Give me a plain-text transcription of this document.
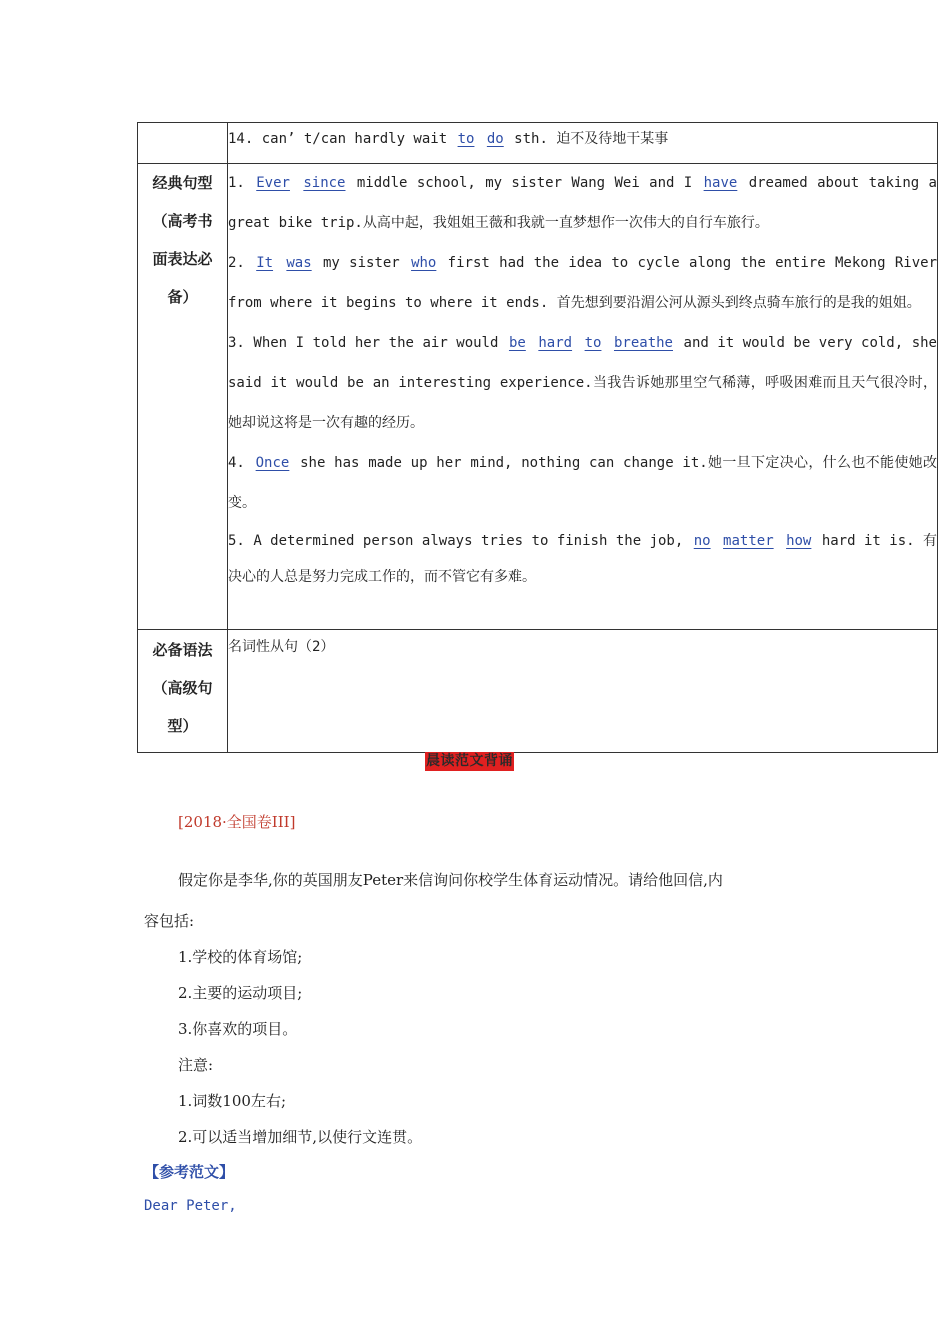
	14. can’ t/can hardly wait to do sth. 迫不及待地干某事

经典句型（高考书面表达必备）	1. Ever since middle school, my sister Wang Wei and I have dreamed about taking a great bike trip.从高中起，我姐姐王薇和我就一直梦想作一次伟大的自行车旅行。
2. It was my sister who first had the idea to cycle along the entire Mekong River from where it begins to where it ends. 首先想到要沿湄公河从源头到终点骑车旅行的是我的姐姐。
3. When I told her the air would be hard to breathe and it would be very cold, she said it would be an interesting experience.当我告诉她那里空气稀薄，呼吸困难而且天气很冷时，她却说这将是一次有趣的经历。
4. Once she has made up her mind, nothing can change it.她一旦下定决心，什么也不能使她改变。
5. A determined person always tries to finish the job, no matter how hard it is. 有决心的人总是努力完成工作的，而不管它有多难。

必备语法（高级句型）	名词性从句（2）
晨读范文背诵
[2018·全国卷III]
假定你是李华,你的英国朋友Peter来信询问你校学生体育运动情况。请给他回信,内
容包括:
1.学校的体育场馆;
2.主要的运动项目;
3.你喜欢的项目。
注意:
1.词数100左右;
2.可以适当增加细节,以使行文连贯。
【参考范文】
Dear Peter,
